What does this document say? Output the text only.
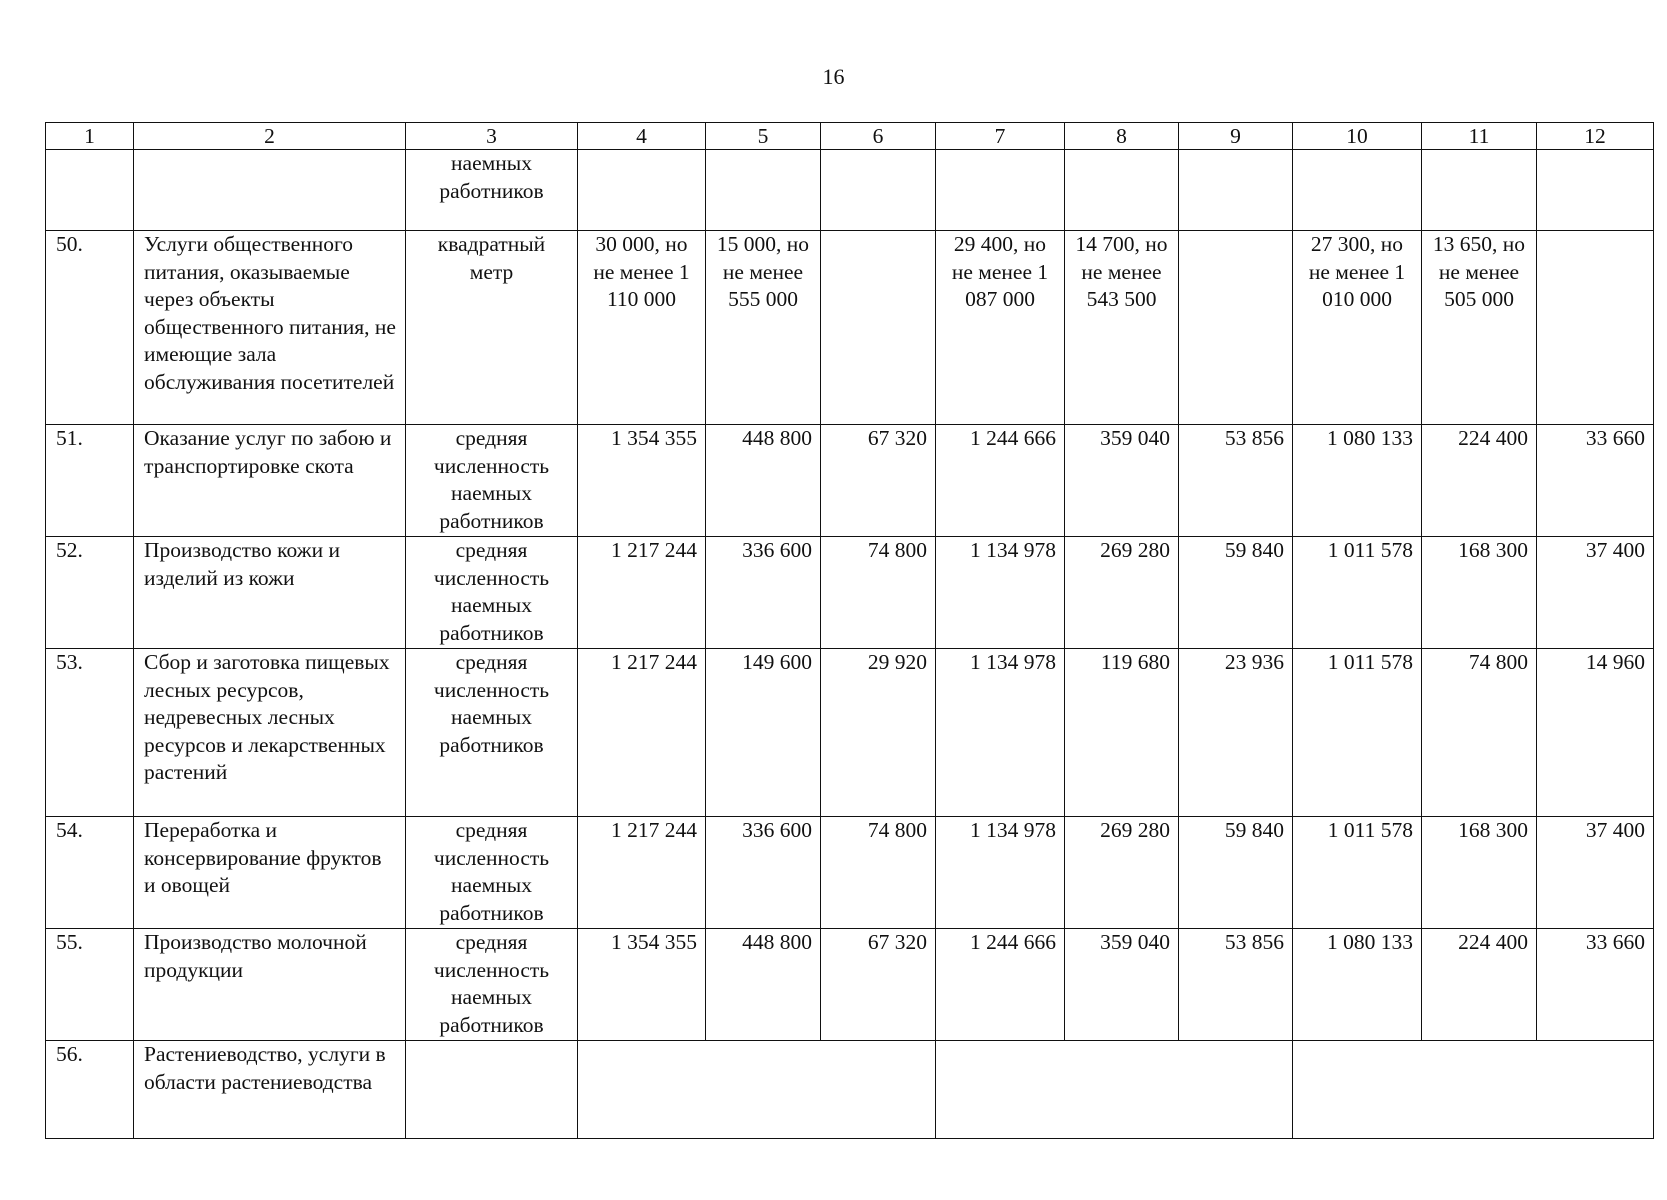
16
1	2	3	4	5	6	7	8	9	10	11	12
		наемных работников									
50.	Услуги общественного питания, оказываемые через объекты общественного питания, не имеющие зала обслуживания посетителей	квадратный метр	30 000, но не менее 1 110 000	15 000, но не менее 555 000		29 400, но не менее 1 087 000	14 700, но не менее 543 500		27 300, но не менее 1 010 000	13 650, но не менее 505 000	
51.	Оказание услуг по забою и транспортировке скота	средняя численность наемных работников	1 354 355	448 800	67 320	1 244 666	359 040	53 856	1 080 133	224 400	33 660
52.	Производство кожи и изделий из кожи	средняя численность наемных работников	1 217 244	336 600	74 800	1 134 978	269 280	59 840	1 011 578	168 300	37 400
53.	Сбор и заготовка пищевых лесных ресурсов, недревесных лесных ресурсов и лекарственных растений	средняя численность наемных работников	1 217 244	149 600	29 920	1 134 978	119 680	23 936	1 011 578	74 800	14 960
54.	Переработка и консервирование фруктов и овощей	средняя численность наемных работников	1 217 244	336 600	74 800	1 134 978	269 280	59 840	1 011 578	168 300	37 400
55.	Производство молочной продукции	средняя численность наемных работников	1 354 355	448 800	67 320	1 244 666	359 040	53 856	1 080 133	224 400	33 660
56.	Растениеводство, услуги в области растениеводства										
